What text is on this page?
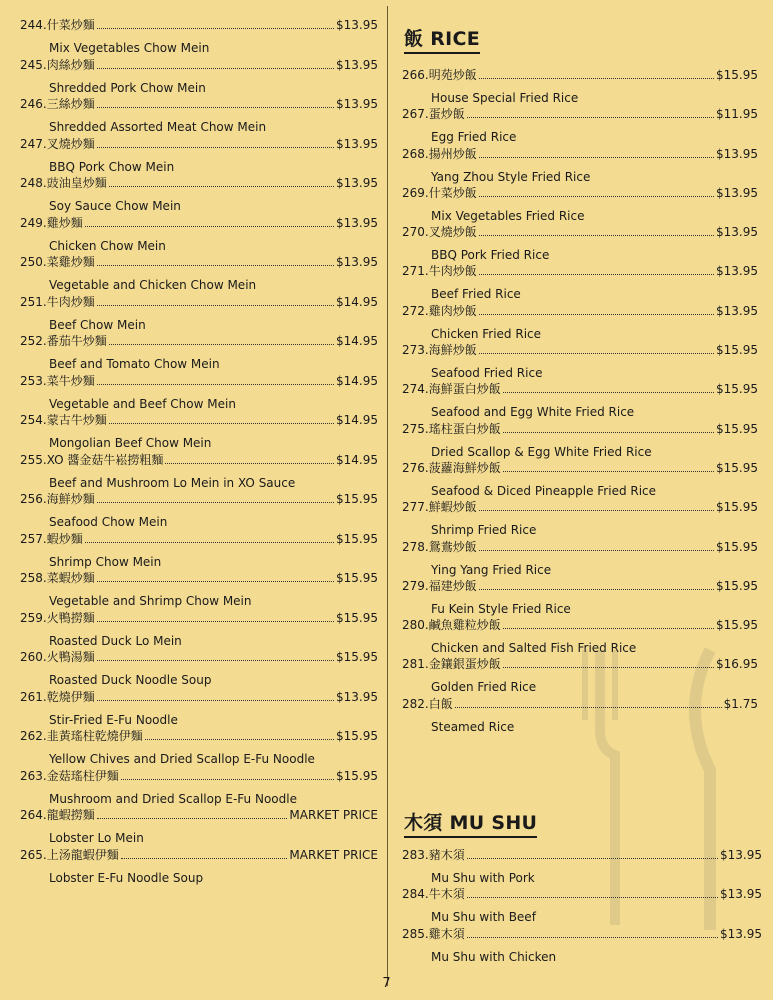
244. 什菜炒麵	$13.95
Mix Vegetables Chow Mein
245. 肉絲炒麵	$13.95
Shredded Pork Chow Mein
246. 三絲炒麵	$13.95
Shredded Assorted Meat Chow Mein
247. 叉燒炒麵	$13.95
BBQ Pork Chow Mein
248. 豉油皇炒麵	$13.95
Soy Sauce Chow Mein
249. 雞炒麵	$13.95
Chicken Chow Mein
250. 菜雞炒麵	$13.95
Vegetable and Chicken Chow Mein
251. 牛肉炒麵	$14.95
Beef Chow Mein
252. 番茄牛炒麵	$14.95
Beef and Tomato Chow Mein
253. 菜牛炒麵	$14.95
Vegetable and Beef Chow Mein
254. 蒙古牛炒麵	$14.95
Mongolian Beef Chow Mein
255. XO 醬金菇牛崧撈粗麵	$14.95
Beef and Mushroom Lo Mein in XO Sauce
256. 海鮮炒麵	$15.95
Seafood Chow Mein
257. 蝦炒麵	$15.95
Shrimp Chow Mein
258. 菜蝦炒麵	$15.95
Vegetable and Shrimp Chow Mein
259. 火鴨撈麵	$15.95
Roasted Duck Lo Mein
260. 火鴨湯麵	$15.95
Roasted Duck Noodle Soup
261. 乾燒伊麵	$13.95
Stir-Fried E-Fu Noodle
262. 韭黃瑤柱乾燒伊麵	$15.95
Yellow Chives and Dried Scallop E-Fu Noodle
263. 金菇瑤柱伊麵	$15.95
Mushroom and Dried Scallop E-Fu Noodle
264. 龍蝦撈麵	MARKET PRICE
Lobster Lo Mein
265. 上汤龍蝦伊麵	MARKET PRICE
Lobster E-Fu Noodle Soup
飯 RICE
266. 明苑炒飯	$15.95
House Special Fried Rice
267. 蛋炒飯	$11.95
Egg Fried Rice
268. 揚州炒飯	$13.95
Yang Zhou Style Fried Rice
269. 什菜炒飯	$13.95
Mix Vegetables Fried Rice
270. 叉燒炒飯	$13.95
BBQ Pork Fried Rice
271. 牛肉炒飯	$13.95
Beef Fried Rice
272. 雞肉炒飯	$13.95
Chicken Fried Rice
273. 海鮮炒飯	$15.95
Seafood Fried Rice
274. 海鮮蛋白炒飯	$15.95
Seafood and Egg White Fried Rice
275. 瑤柱蛋白炒飯	$15.95
Dried Scallop & Egg White Fried Rice
276. 菠蘿海鮮炒飯	$15.95
Seafood & Diced Pineapple Fried Rice
277. 鮮蝦炒飯	$15.95
Shrimp Fried Rice
278. 鴛鴦炒飯	$15.95
Ying Yang Fried Rice
279. 福建炒飯	$15.95
Fu Kein Style Fried Rice
280. 鹹魚雞粒炒飯	$15.95
Chicken and Salted Fish Fried Rice
281. 金鑲銀蛋炒飯	$16.95
Golden Fried Rice
282. 白飯	$1.75
Steamed Rice
木須 MU SHU
283. 豬木須	$13.95
Mu Shu with Pork
284. 牛木須	$13.95
Mu Shu with Beef
285. 雞木須	$13.95
Mu Shu with Chicken
7
